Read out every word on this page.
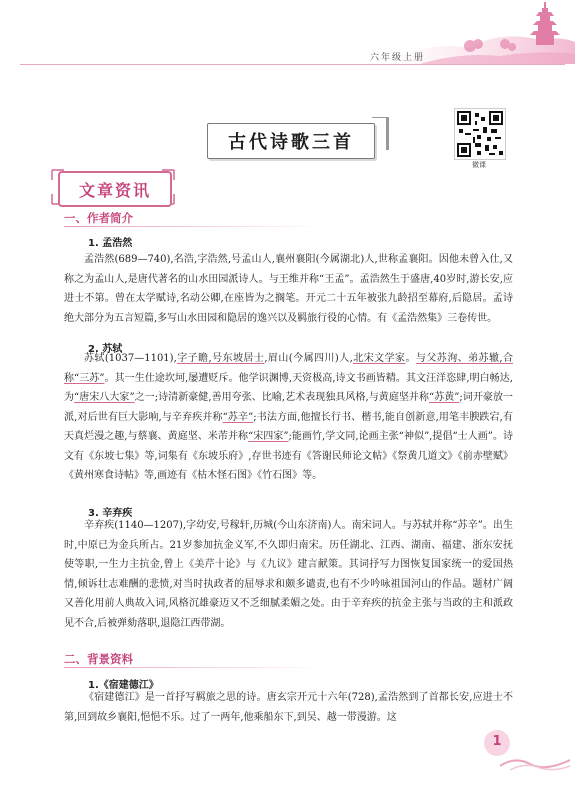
六年级上册
古代诗歌三首
微课
文章资讯
一、作者简介
1. 孟浩然
孟浩然(689—740),名浩,字浩然,号孟山人,襄州襄阳(今属湖北)人,世称孟襄阳。因他未曾入仕,又称之为孟山人,是唐代著名的山水田园派诗人。与王维并称“王孟”。孟浩然生于盛唐,40岁时,游长安,应进士不第。曾在太学赋诗,名动公卿,在座皆为之搁笔。开元二十五年被张九龄招至幕府,后隐居。孟诗绝大部分为五言短篇,多写山水田园和隐居的逸兴以及羁旅行役的心情。有《孟浩然集》三卷传世。
2. 苏轼
苏轼(1037—1101),字子瞻,号东坡居士,眉山(今属四川)人,北宋文学家。与父苏洵、弟苏辙,合称“三苏”。其一生仕途坎坷,屡遭贬斥。他学识渊博,天资极高,诗文书画皆精。其文汪洋恣肆,明白畅达,为“唐宋八大家”之一;诗清新豪健,善用夸张、比喻,艺术表现独具风格,与黄庭坚并称“苏黄”;词开豪放一派,对后世有巨大影响,与辛弃疾并称“苏辛”;书法方面,他擅长行书、楷书,能自创新意,用笔丰腴跌宕,有天真烂漫之趣,与蔡襄、黄庭坚、米芾并称“宋四家”;能画竹,学文同,论画主张“神似”,提倡“士人画”。诗文有《东坡七集》等,词集有《东坡乐府》,存世书迹有《答谢民师论文帖》《祭黄几道文》《前赤壁赋》《黄州寒食诗帖》等,画迹有《枯木怪石图》《竹石图》等。
3. 辛弃疾
辛弃疾(1140—1207),字幼安,号稼轩,历城(今山东济南)人。南宋词人。与苏轼并称“苏辛”。出生时,中原已为金兵所占。21岁参加抗金义军,不久即归南宋。历任湖北、江西、湖南、福建、浙东安抚使等职,一生力主抗金,曾上《美芹十论》与《九议》建言献策。其词抒写力图恢复国家统一的爱国热情,倾诉壮志难酬的悲愤,对当时执政者的屈辱求和颇多谴责,也有不少吟咏祖国河山的作品。题材广阔又善化用前人典故入词,风格沉雄豪迈又不乏细腻柔媚之处。由于辛弃疾的抗金主张与当政的主和派政见不合,后被弹劾落职,退隐江西带湖。
二、背景资料
1.《宿建德江》
《宿建德江》是一首抒写羁旅之思的诗。唐玄宗开元十六年(728),孟浩然到了首都长安,应进士不第,回到故乡襄阳,悒悒不乐。过了一两年,他乘船东下,到吴、越一带漫游。这
1
